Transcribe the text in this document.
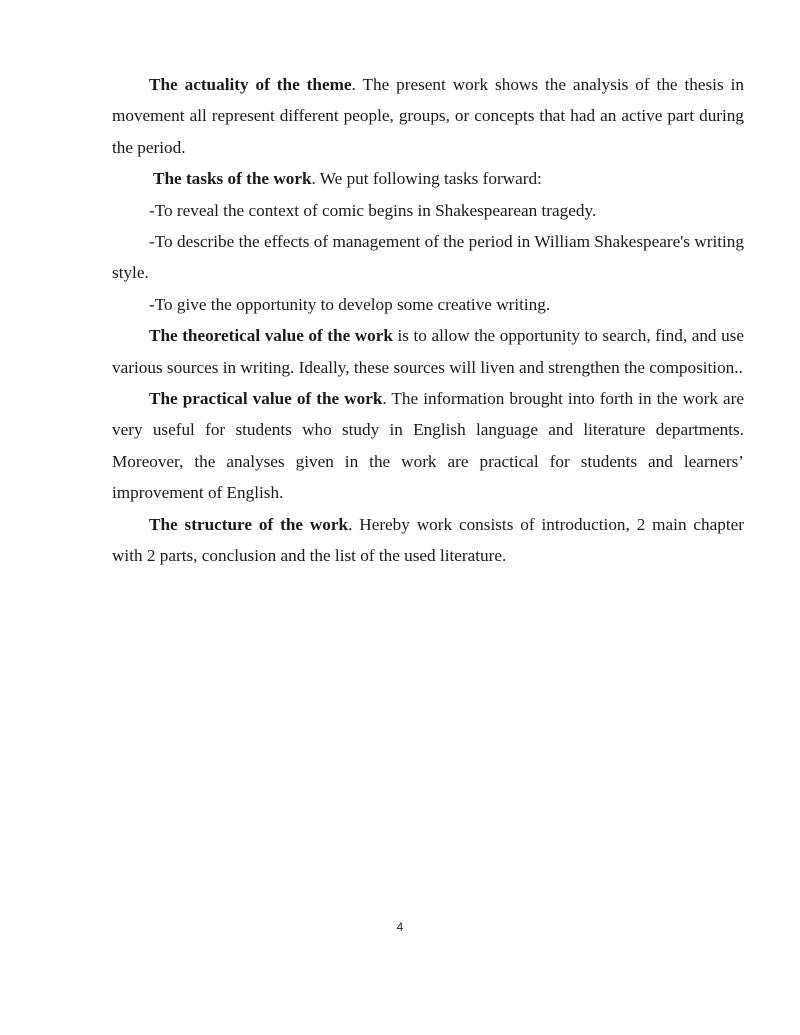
The actuality of the theme. The present work shows the analysis of the thesis in movement all represent different people, groups, or concepts that had an active part during the period.

The tasks of the work. We put following tasks forward:

-To reveal the context of comic begins in Shakespearean tragedy.

-To describe the effects of management of the period in William Shakespeare's writing style.

-To give the opportunity to develop some creative writing.

The theoretical value of the work is to allow the opportunity to search, find, and use various sources in writing. Ideally, these sources will liven and strengthen the composition..

The practical value of the work. The information brought into forth in the work are very useful for students who study in English language and literature departments. Moreover, the analyses given in the work are practical for students and learners’ improvement of English.

The structure of the work. Hereby work consists of introduction, 2 main chapter with 2 parts, conclusion and the list of the used literature.

4
